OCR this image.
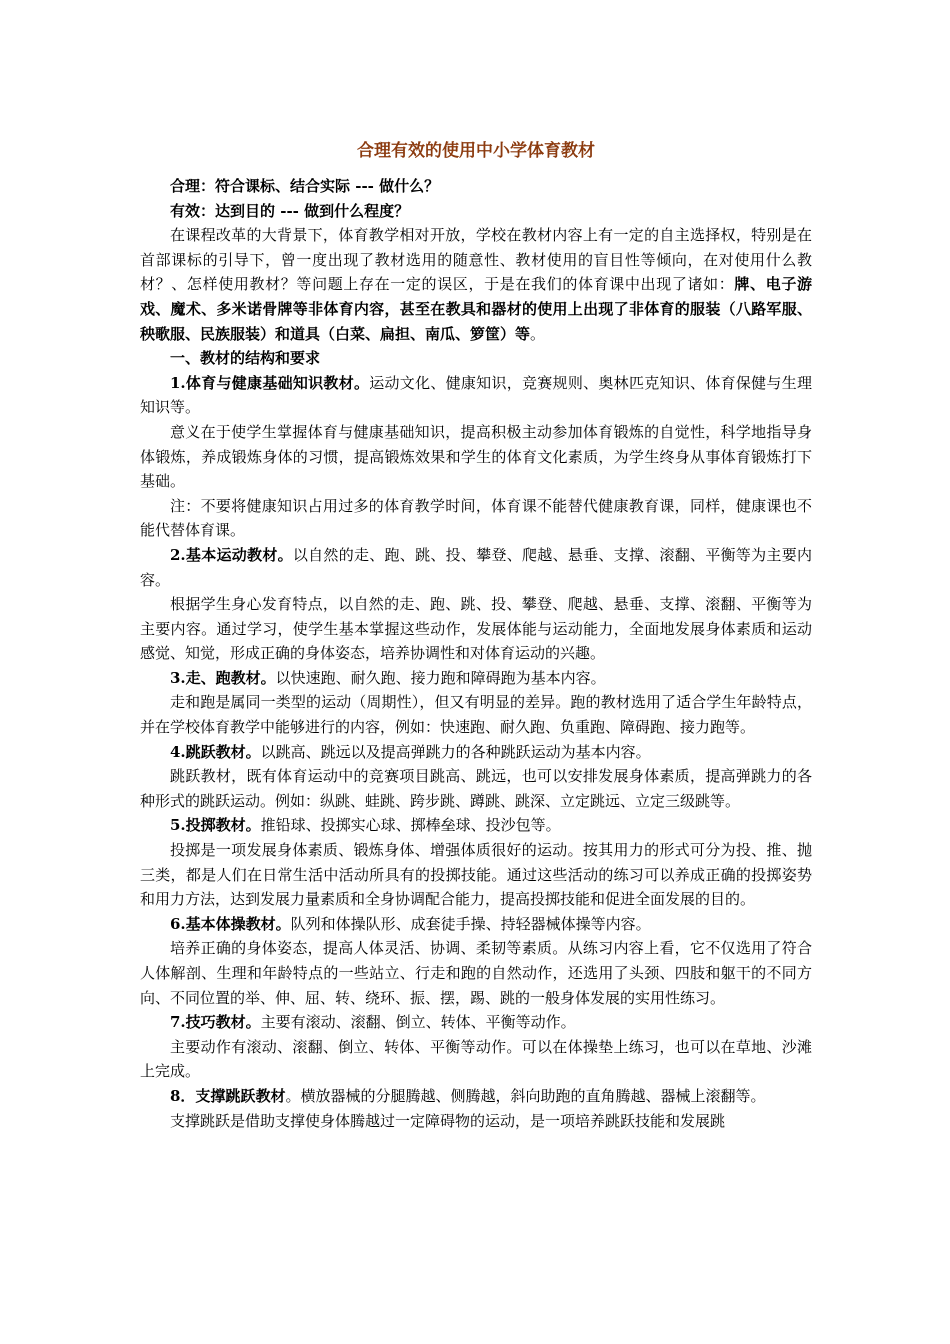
合理有效的使用中小学体育教材

合理：符合课标、结合实际 --- 做什么？

有效：达到目的 --- 做到什么程度？

在课程改革的大背景下，体育教学相对开放，学校在教材内容上有一定的自主选择权，特别是在首部课标的引导下，曾一度出现了教材选用的随意性、教材使用的盲目性等倾向，在对使用什么教材？、怎样使用教材？等问题上存在一定的误区，于是在我们的体育课中出现了诸如：牌、电子游戏、魔术、多米诺骨牌等非体育内容，甚至在教具和器材的使用上出现了非体育的服装（八路军服、秧歌服、民族服装）和道具（白菜、扁担、南瓜、箩筐）等。

一、教材的结构和要求

1.体育与健康基础知识教材。运动文化、健康知识，竞赛规则、奥林匹克知识、体育保健与生理知识等。

意义在于使学生掌握体育与健康基础知识，提高积极主动参加体育锻炼的自觉性，科学地指导身体锻炼，养成锻炼身体的习惯，提高锻炼效果和学生的体育文化素质，为学生终身从事体育锻炼打下基础。

注：不要将健康知识占用过多的体育教学时间，体育课不能替代健康教育课，同样，健康课也不能代替体育课。

2.基本运动教材。以自然的走、跑、跳、投、攀登、爬越、悬垂、支撑、滚翻、平衡等为主要内容。

根据学生身心发育特点，以自然的走、跑、跳、投、攀登、爬越、悬垂、支撑、滚翻、平衡等为主要内容。通过学习，使学生基本掌握这些动作，发展体能与运动能力，全面地发展身体素质和运动感觉、知觉，形成正确的身体姿态，培养协调性和对体育运动的兴趣。

3.走、跑教材。以快速跑、耐久跑、接力跑和障碍跑为基本内容。

走和跑是属同一类型的运动（周期性），但又有明显的差异。跑的教材选用了适合学生年龄特点，并在学校体育教学中能够进行的内容，例如：快速跑、耐久跑、负重跑、障碍跑、接力跑等。

4.跳跃教材。以跳高、跳远以及提高弹跳力的各种跳跃运动为基本内容。

跳跃教材，既有体育运动中的竞赛项目跳高、跳远，也可以安排发展身体素质，提高弹跳力的各种形式的跳跃运动。例如：纵跳、蛙跳、跨步跳、蹲跳、跳深、立定跳远、立定三级跳等。

5.投掷教材。推铅球、投掷实心球、掷棒垒球、投沙包等。

投掷是一项发展身体素质、锻炼身体、增强体质很好的运动。按其用力的形式可分为投、推、抛三类，都是人们在日常生活中活动所具有的投掷技能。通过这些活动的练习可以养成正确的投掷姿势和用力方法，达到发展力量素质和全身协调配合能力，提高投掷技能和促进全面发展的目的。

6.基本体操教材。队列和体操队形、成套徒手操、持轻器械体操等内容。

培养正确的身体姿态，提高人体灵活、协调、柔韧等素质。从练习内容上看，它不仅选用了符合人体解剖、生理和年龄特点的一些站立、行走和跑的自然动作，还选用了头颈、四肢和躯干的不同方向、不同位置的举、伸、屈、转、绕环、振、摆，踢、跳的一般身体发展的实用性练习。

7.技巧教材。主要有滚动、滚翻、倒立、转体、平衡等动作。

主要动作有滚动、滚翻、倒立、转体、平衡等动作。可以在体操垫上练习，也可以在草地、沙滩上完成。

8．支撑跳跃教材。横放器械的分腿腾越、侧腾越，斜向助跑的直角腾越、器械上滚翻等。

支撑跳跃是借助支撑使身体腾越过一定障碍物的运动，是一项培养跳跃技能和发展跳
